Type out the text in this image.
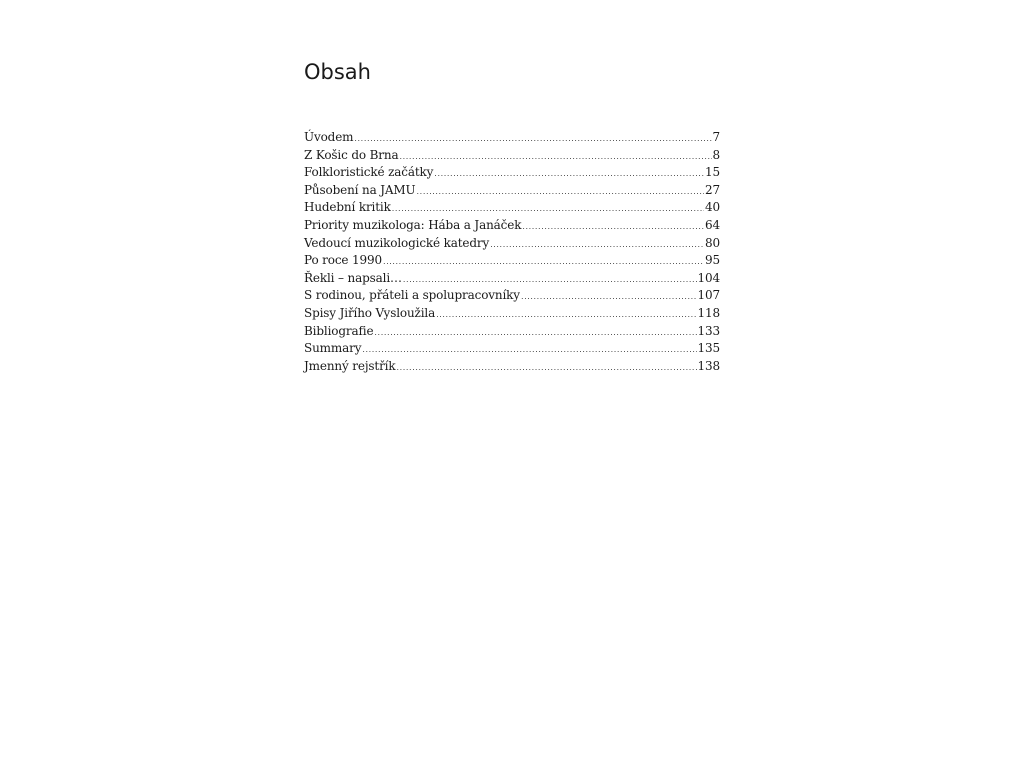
Obsah
Úvodem .....	7
Z Košic do Brna .....	8
Folkloristické začátky .....	15
Působení na JAMU .....	27
Hudební kritik .....	40
Priority muzikologa: Hába a Janáček .....	64
Vedoucí muzikologické katedry .....	80
Po roce 1990 .....	95
Řekli – napsali… .....	104
S rodinou, přáteli a spolupracovníky .....	107
Spisy Jiřího Vysloužila .....	118
Bibliografie .....	133
Summary .....	135
Jmenný rejstřík .....	138
